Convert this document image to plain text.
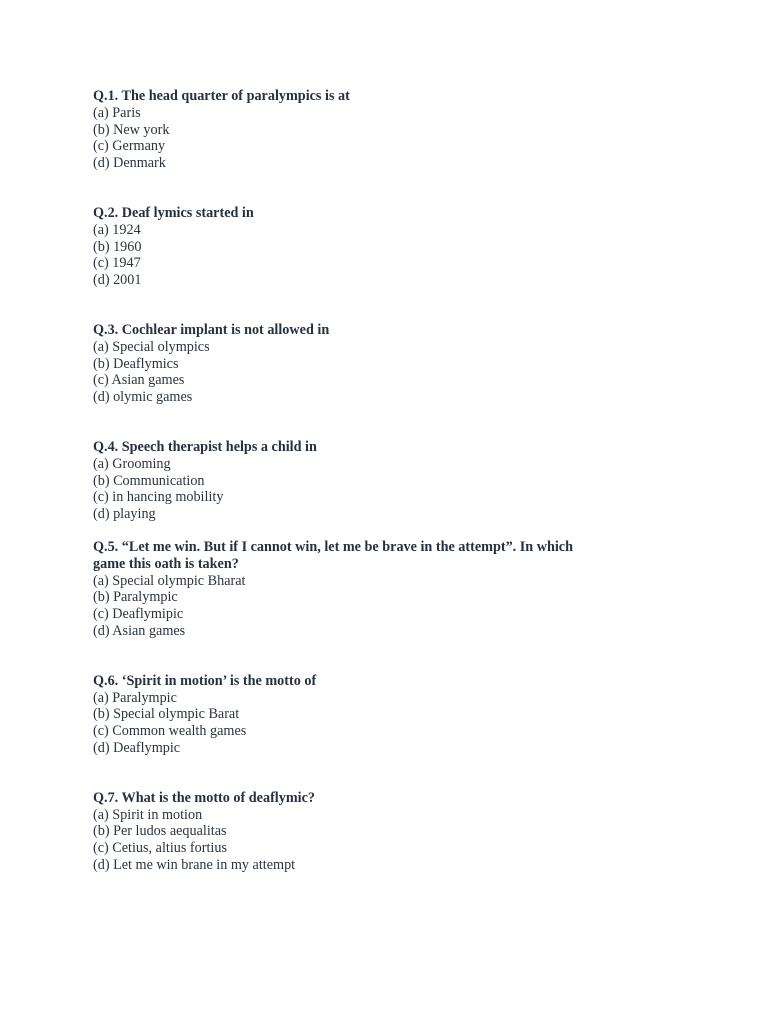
Q.1. The head quarter of paralympics is at
(a) Paris
(b) New york
(c) Germany
(d) Denmark
Q.2. Deaf lymics started in
(a) 1924
(b) 1960
(c) 1947
(d) 2001
Q.3. Cochlear implant is not allowed in
(a) Special olympics
(b) Deaflymics
(c) Asian games
(d) olymic games
Q.4. Speech therapist helps a child in
(a) Grooming
(b) Communication
(c) in hancing mobility
(d) playing
Q.5. “Let me win. But if I cannot win, let me be brave in the attempt”. In which game this oath is taken?
(a) Special olympic Bharat
(b) Paralympic
(c) Deaflymipic
(d) Asian games
Q.6. ‘Spirit in motion’ is the motto of
(a) Paralympic
(b) Special olympic Barat
(c) Common wealth games
(d) Deaflympic
Q.7. What is the motto of deaflymic?
(a) Spirit in motion
(b) Per ludos aequalitas
(c) Cetius, altius fortius
(d) Let me win brane in my attempt
